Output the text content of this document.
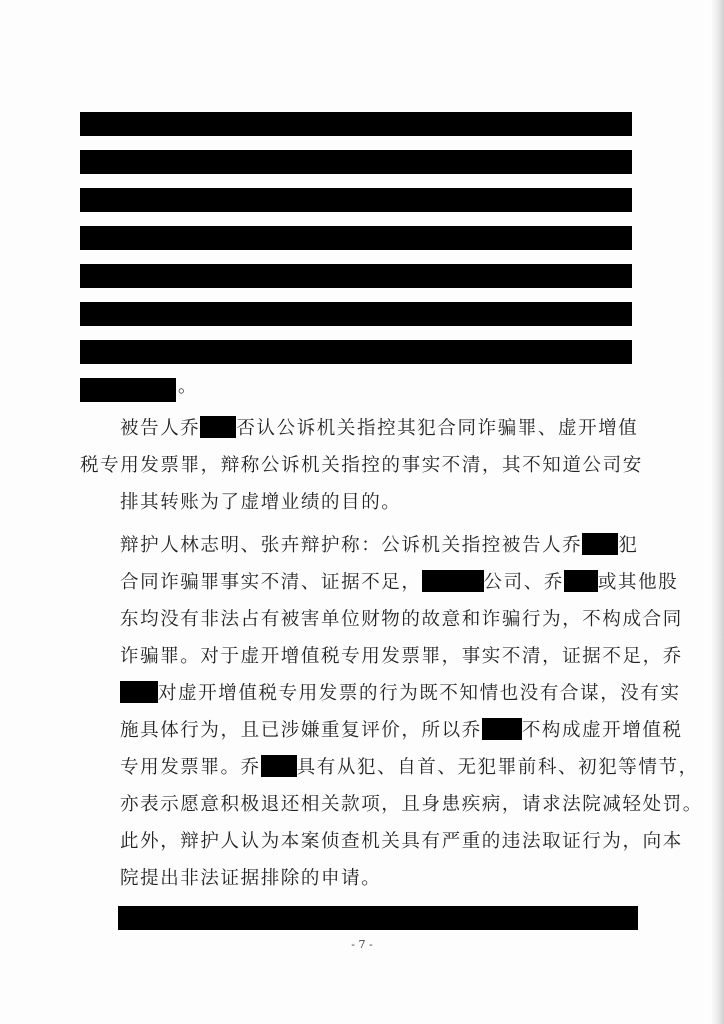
。

被告人乔 否认公诉机关指控其犯合同诈骗罪、虚开增值
税专用发票罪，辩称公诉机关指控的事实不清，其不知道公司安
排其转账为了虚增业绩的目的。

辩护人林志明、张卉辩护称：公诉机关指控被告人乔 犯
合同诈骗罪事实不清、证据不足，	公司、乔 或其他股
东均没有非法占有被害单位财物的故意和诈骗行为，不构成合同
诈骗罪。对于虚开增值税专用发票罪，事实不清，证据不足，乔
对虚开增值税专用发票的行为既不知情也没有合谋，没有实
施具体行为，且已涉嫌重复评价，所以乔 不构成虚开增值税
专用发票罪。乔 具有从犯、自首、无犯罪前科、初犯等情节，
亦表示愿意积极退还相关款项，且身患疾病，请求法院减轻处罚。
此外，辩护人认为本案侦查机关具有严重的违法取证行为，向本
院提出非法证据排除的申请。

- 7 -
